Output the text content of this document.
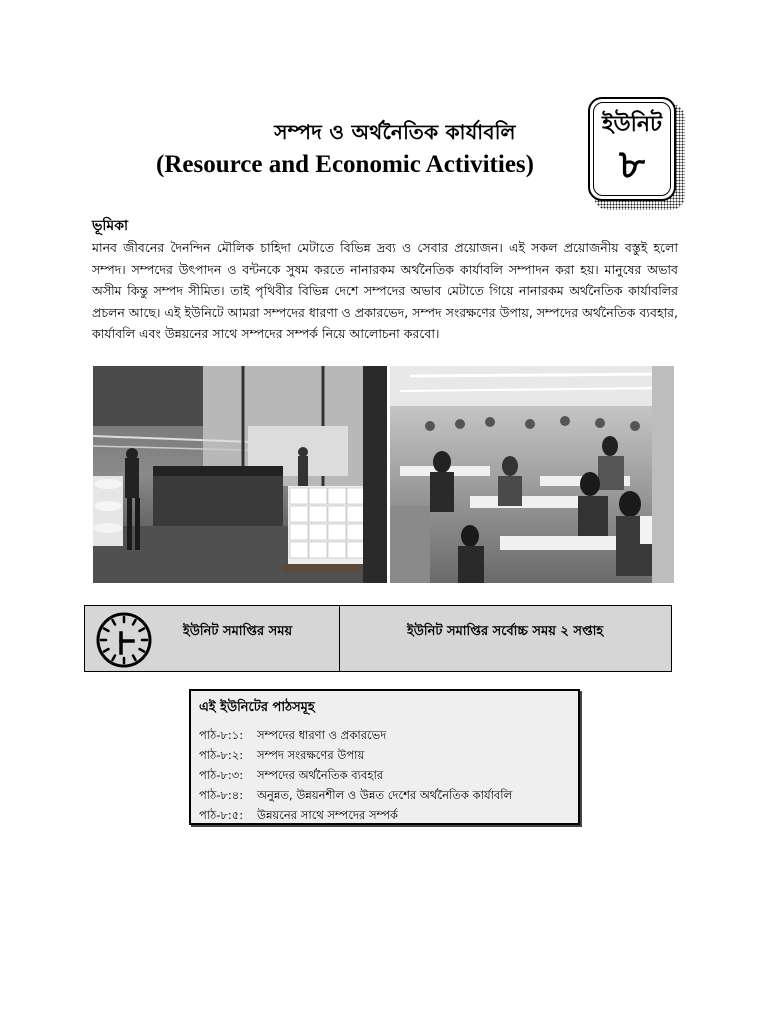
সম্পদ ও অর্থনৈতিক কার্যাবলি
(Resource and Economic Activities)
ইউনিট
৮
ভূমিকা
মানব জীবনের দৈনন্দিন মৌলিক চাহিদা মেটাতে বিভিন্ন দ্রব্য ও সেবার প্রয়োজন। এই সকল প্রয়োজনীয় বস্তুই হলো সম্পদ। সম্পদের উৎপাদন ও বন্টনকে সুষম করতে নানারকম অর্থনৈতিক কার্যাবলি সম্পাদন করা হয়। মানুষের অভাব অসীম কিন্তু সম্পদ সীমিত। তাই পৃথিবীর বিভিন্ন দেশে সম্পদের অভাব মেটাতে গিয়ে নানারকম অর্থনৈতিক কার্যাবলির প্রচলন আছে। এই ইউনিটে আমরা সম্পদের ধারণা ও প্রকারভেদ, সম্পদ সংরক্ষণের উপায়, সম্পদের অর্থনৈতিক ব্যবহার, কার্যাবলি এবং উন্নয়নের সাথে সম্পদের সম্পর্ক নিয়ে আলোচনা করবো।
ইউনিট সমাপ্তির সময়	ইউনিট সমাপ্তির সর্বোচ্চ সময় ২ সপ্তাহ
এই ইউনিটের পাঠসমূহ
পাঠ-৮:১: সম্পদের ধারণা ও প্রকারভেদ
পাঠ-৮:২: সম্পদ সংরক্ষণের উপায়
পাঠ-৮:৩: সম্পদের অর্থনৈতিক ব্যবহার
পাঠ-৮:৪: অনুন্নত, উন্নয়নশীল ও উন্নত দেশের অর্থনৈতিক কার্যাবলি
পাঠ-৮:৫: উন্নয়নের সাথে সম্পদের সম্পর্ক
